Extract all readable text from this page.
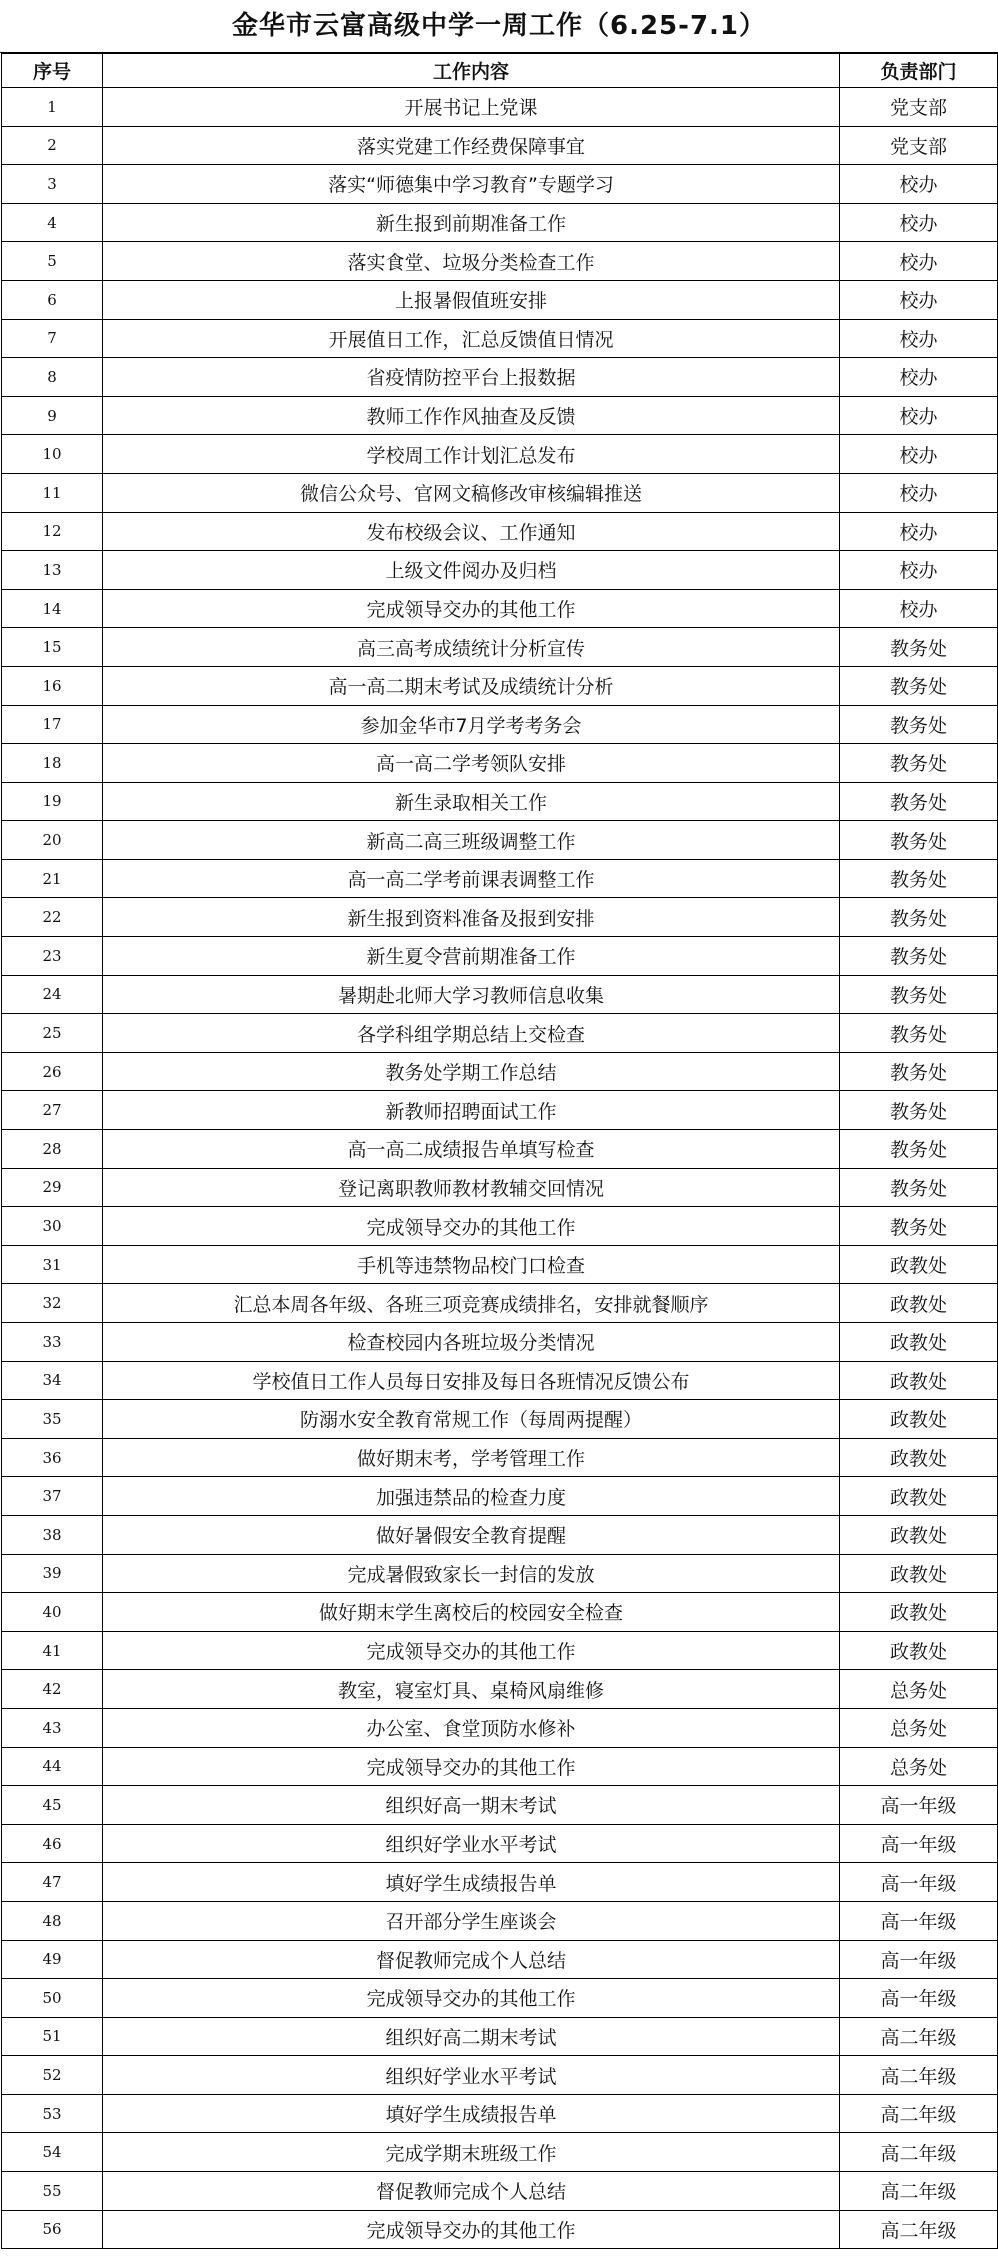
金华市云富高级中学一周工作（6.25-7.1）
序号	工作内容	负责部门
1	开展书记上党课	党支部
2	落实党建工作经费保障事宜	党支部
3	落实“师德集中学习教育”专题学习	校办
4	新生报到前期准备工作	校办
5	落实食堂、垃圾分类检查工作	校办
6	上报暑假值班安排	校办
7	开展值日工作，汇总反馈值日情况	校办
8	省疫情防控平台上报数据	校办
9	教师工作作风抽查及反馈	校办
10	学校周工作计划汇总发布	校办
11	微信公众号、官网文稿修改审核编辑推送	校办
12	发布校级会议、工作通知	校办
13	上级文件阅办及归档	校办
14	完成领导交办的其他工作	校办
15	高三高考成绩统计分析宣传	教务处
16	高一高二期末考试及成绩统计分析	教务处
17	参加金华市7月学考考务会	教务处
18	高一高二学考领队安排	教务处
19	新生录取相关工作	教务处
20	新高二高三班级调整工作	教务处
21	高一高二学考前课表调整工作	教务处
22	新生报到资料准备及报到安排	教务处
23	新生夏令营前期准备工作	教务处
24	暑期赴北师大学习教师信息收集	教务处
25	各学科组学期总结上交检查	教务处
26	教务处学期工作总结	教务处
27	新教师招聘面试工作	教务处
28	高一高二成绩报告单填写检查	教务处
29	登记离职教师教材教辅交回情况	教务处
30	完成领导交办的其他工作	教务处
31	手机等违禁物品校门口检查	政教处
32	汇总本周各年级、各班三项竞赛成绩排名，安排就餐顺序	政教处
33	检查校园内各班垃圾分类情况	政教处
34	学校值日工作人员每日安排及每日各班情况反馈公布	政教处
35	防溺水安全教育常规工作（每周两提醒）	政教处
36	做好期末考，学考管理工作	政教处
37	加强违禁品的检查力度	政教处
38	做好暑假安全教育提醒	政教处
39	完成暑假致家长一封信的发放	政教处
40	做好期末学生离校后的校园安全检查	政教处
41	完成领导交办的其他工作	政教处
42	教室，寝室灯具、桌椅风扇维修	总务处
43	办公室、食堂顶防水修补	总务处
44	完成领导交办的其他工作	总务处
45	组织好高一期末考试	高一年级
46	组织好学业水平考试	高一年级
47	填好学生成绩报告单	高一年级
48	召开部分学生座谈会	高一年级
49	督促教师完成个人总结	高一年级
50	完成领导交办的其他工作	高一年级
51	组织好高二期末考试	高二年级
52	组织好学业水平考试	高二年级
53	填好学生成绩报告单	高二年级
54	完成学期末班级工作	高二年级
55	督促教师完成个人总结	高二年级
56	完成领导交办的其他工作	高二年级
